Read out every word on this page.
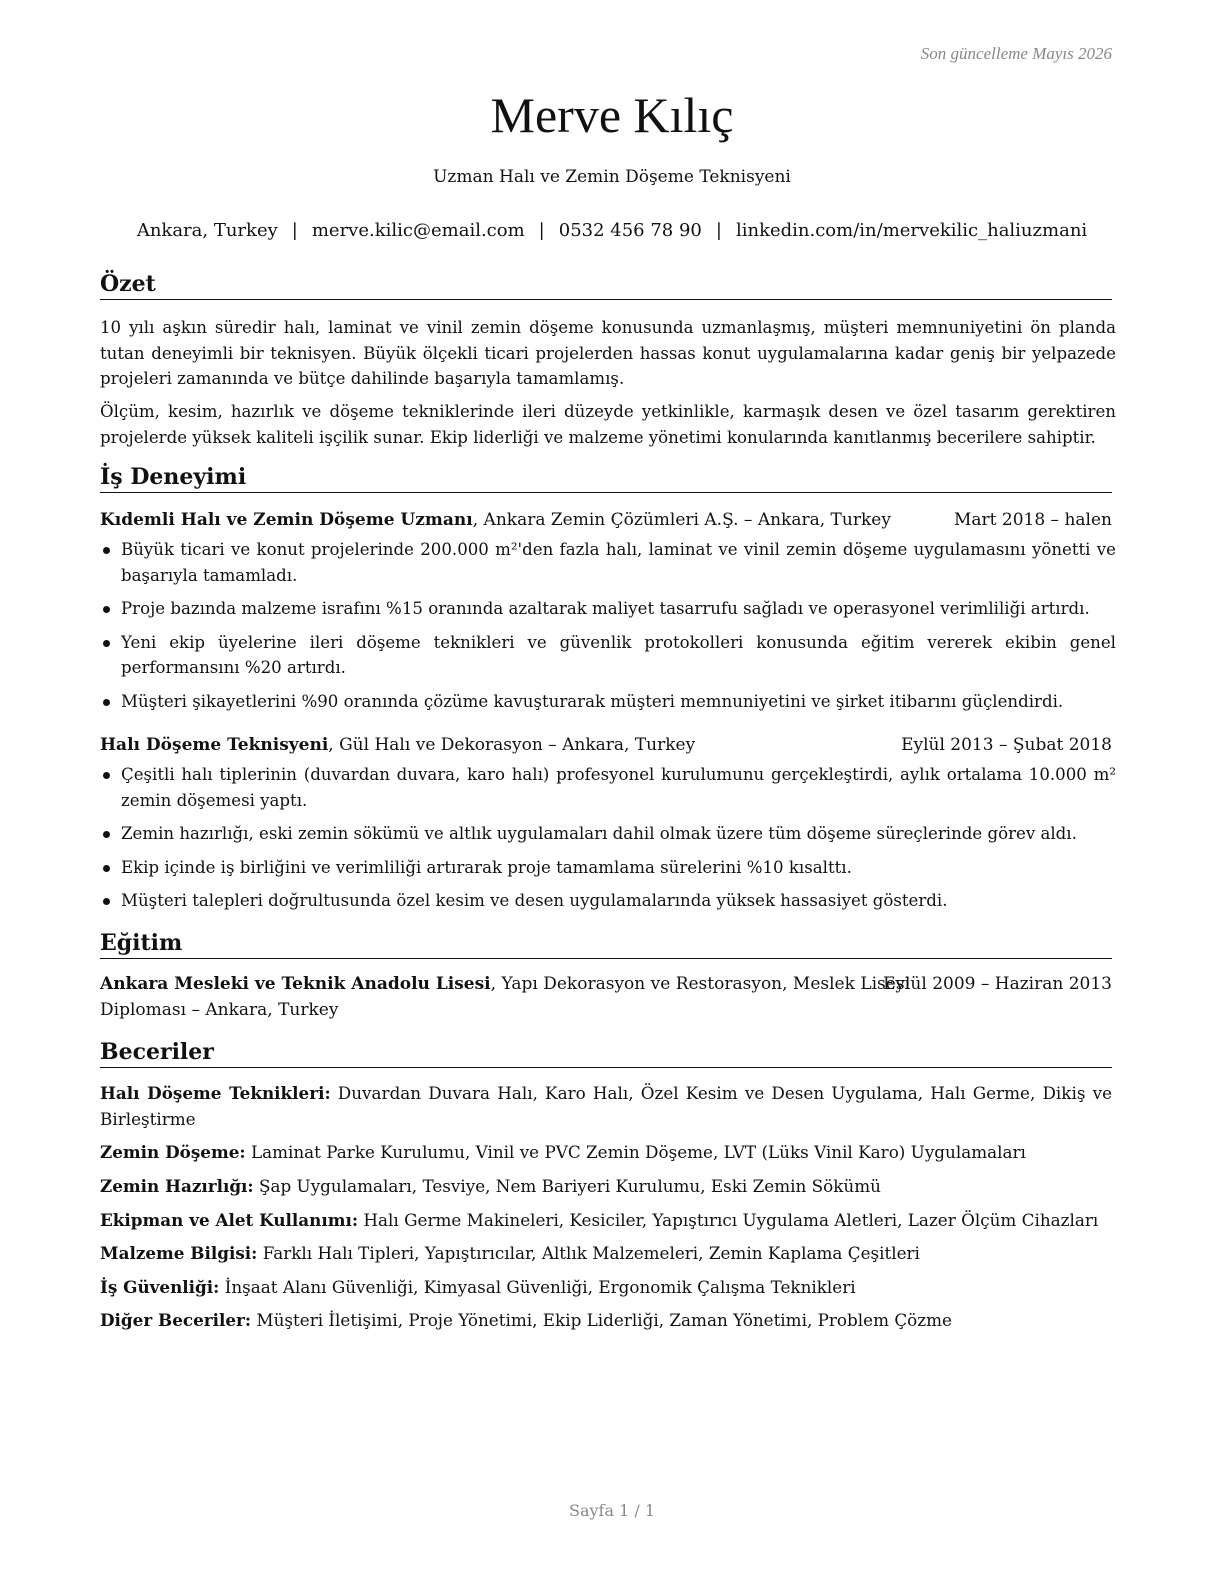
Son güncelleme Mayıs 2026
Merve Kılıç
Uzman Halı ve Zemin Döşeme Teknisyeni
Ankara, Turkey | merve.kilic@email.com | 0532 456 78 90 | linkedin.com/in/mervekilic_haliuzmani
Özet
10 yılı aşkın süredir halı, laminat ve vinil zemin döşeme konusunda uzmanlaşmış, müşteri memnuniyetini ön planda tutan deneyimli bir teknisyen. Büyük ölçekli ticari projelerden hassas konut uygulamalarına kadar geniş bir yelpazede projeleri zamanında ve bütçe dahilinde başarıyla tamamlamış.
Ölçüm, kesim, hazırlık ve döşeme tekniklerinde ileri düzeyde yetkinlikle, karmaşık desen ve özel tasarım gerektiren projelerde yüksek kaliteli işçilik sunar. Ekip liderliği ve malzeme yönetimi konularında kanıtlanmış becerilere sahiptir.
İş Deneyimi
Kıdemli Halı ve Zemin Döşeme Uzmanı, Ankara Zemin Çözümleri A.Ş. – Ankara, Turkey	Mart 2018 – halen
Büyük ticari ve konut projelerinde 200.000 m²'den fazla halı, laminat ve vinil zemin döşeme uygulamasını yönetti ve başarıyla tamamladı.
Proje bazında malzeme israfını %15 oranında azaltarak maliyet tasarrufu sağladı ve operasyonel verimliliği artırdı.
Yeni ekip üyelerine ileri döşeme teknikleri ve güvenlik protokolleri konusunda eğitim vererek ekibin genel performansını %20 artırdı.
Müşteri şikayetlerini %90 oranında çözüme kavuşturarak müşteri memnuniyetini ve şirket itibarını güçlendirdi.
Halı Döşeme Teknisyeni, Gül Halı ve Dekorasyon – Ankara, Turkey	Eylül 2013 – Şubat 2018
Çeşitli halı tiplerinin (duvardan duvara, karo halı) profesyonel kurulumunu gerçekleştirdi, aylık ortalama 10.000 m² zemin döşemesi yaptı.
Zemin hazırlığı, eski zemin sökümü ve altlık uygulamaları dahil olmak üzere tüm döşeme süreçlerinde görev aldı.
Ekip içinde iş birliğini ve verimliliği artırarak proje tamamlama sürelerini %10 kısalttı.
Müşteri talepleri doğrultusunda özel kesim ve desen uygulamalarında yüksek hassasiyet gösterdi.
Eğitim
Ankara Mesleki ve Teknik Anadolu Lisesi, Yapı Dekorasyon ve Restorasyon, Meslek Lisesi
Diploması – Ankara, Turkey
Eylül 2009 – Haziran 2013
Beceriler
Halı Döşeme Teknikleri: Duvardan Duvara Halı, Karo Halı, Özel Kesim ve Desen Uygulama, Halı Germe, Dikiş ve Birleştirme
Zemin Döşeme: Laminat Parke Kurulumu, Vinil ve PVC Zemin Döşeme, LVT (Lüks Vinil Karo) Uygulamaları
Zemin Hazırlığı: Şap Uygulamaları, Tesviye, Nem Bariyeri Kurulumu, Eski Zemin Sökümü
Ekipman ve Alet Kullanımı: Halı Germe Makineleri, Kesiciler, Yapıştırıcı Uygulama Aletleri, Lazer Ölçüm Cihazları
Malzeme Bilgisi: Farklı Halı Tipleri, Yapıştırıcılar, Altlık Malzemeleri, Zemin Kaplama Çeşitleri
İş Güvenliği: İnşaat Alanı Güvenliği, Kimyasal Güvenliği, Ergonomik Çalışma Teknikleri
Diğer Beceriler: Müşteri İletişimi, Proje Yönetimi, Ekip Liderliği, Zaman Yönetimi, Problem Çözme
Sayfa 1 / 1
